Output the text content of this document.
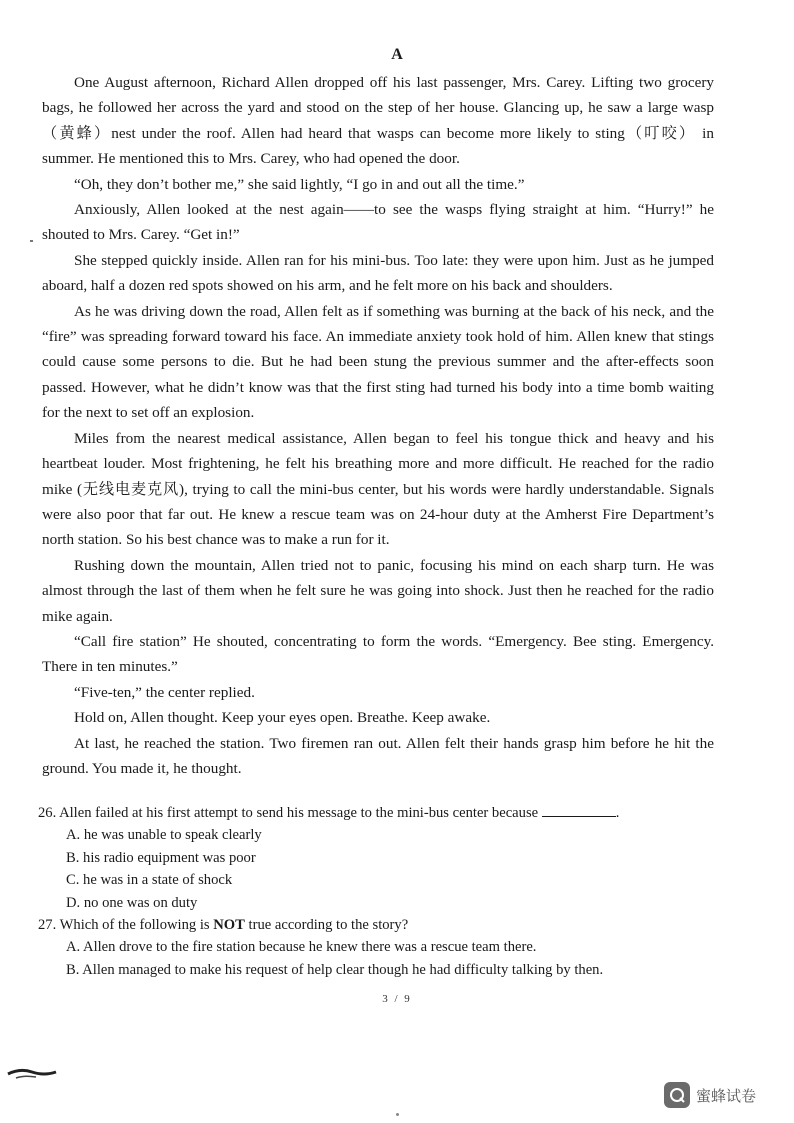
A

One August afternoon, Richard Allen dropped off his last passenger, Mrs. Carey. Lifting two grocery bags, he followed her across the yard and stood on the step of her house. Glancing up, he saw a large wasp（黄蜂）nest under the roof. Allen had heard that wasps can become more likely to sting（叮咬） in summer. He mentioned this to Mrs. Carey, who had opened the door.

“Oh, they don’t bother me,” she said lightly, “I go in and out all the time.”

Anxiously, Allen looked at the nest again——to see the wasps flying straight at him. “Hurry!” he shouted to Mrs. Carey. “Get in!”

She stepped quickly inside. Allen ran for his mini-bus. Too late: they were upon him. Just as he jumped aboard, half a dozen red spots showed on his arm, and he felt more on his back and shoulders.

As he was driving down the road, Allen felt as if something was burning at the back of his neck, and the “fire” was spreading forward toward his face. An immediate anxiety took hold of him. Allen knew that stings could cause some persons to die. But he had been stung the previous summer and the after-effects soon passed. However, what he didn’t know was that the first sting had turned his body into a time bomb waiting for the next to set off an explosion.

Miles from the nearest medical assistance, Allen began to feel his tongue thick and heavy and his heartbeat louder. Most frightening, he felt his breathing more and more difficult. He reached for the radio mike (无线电麦克风), trying to call the mini-bus center, but his words were hardly understandable. Signals were also poor that far out. He knew a rescue team was on 24-hour duty at the Amherst Fire Department’s north station. So his best chance was to make a run for it.

Rushing down the mountain, Allen tried not to panic, focusing his mind on each sharp turn. He was almost through the last of them when he felt sure he was going into shock. Just then he reached for the radio mike again.

“Call fire station” He shouted, concentrating to form the words. “Emergency. Bee sting. Emergency. There in ten minutes.”

“Five-ten,” the center replied.

Hold on, Allen thought. Keep your eyes open. Breathe. Keep awake.

At last, he reached the station. Two firemen ran out. Allen felt their hands grasp him before he hit the ground. You made it, he thought.

26. Allen failed at his first attempt to send his message to the mini-bus center because	.

A. he was unable to speak clearly

B. his radio equipment was poor

C. he was in a state of shock

D. no one was on duty

27. Which of the following is NOT true according to the story?

A. Allen drove to the fire station because he knew there was a rescue team there.

B. Allen managed to make his request of help clear though he had difficulty talking by then.

3 / 9
蜜蜂试卷
